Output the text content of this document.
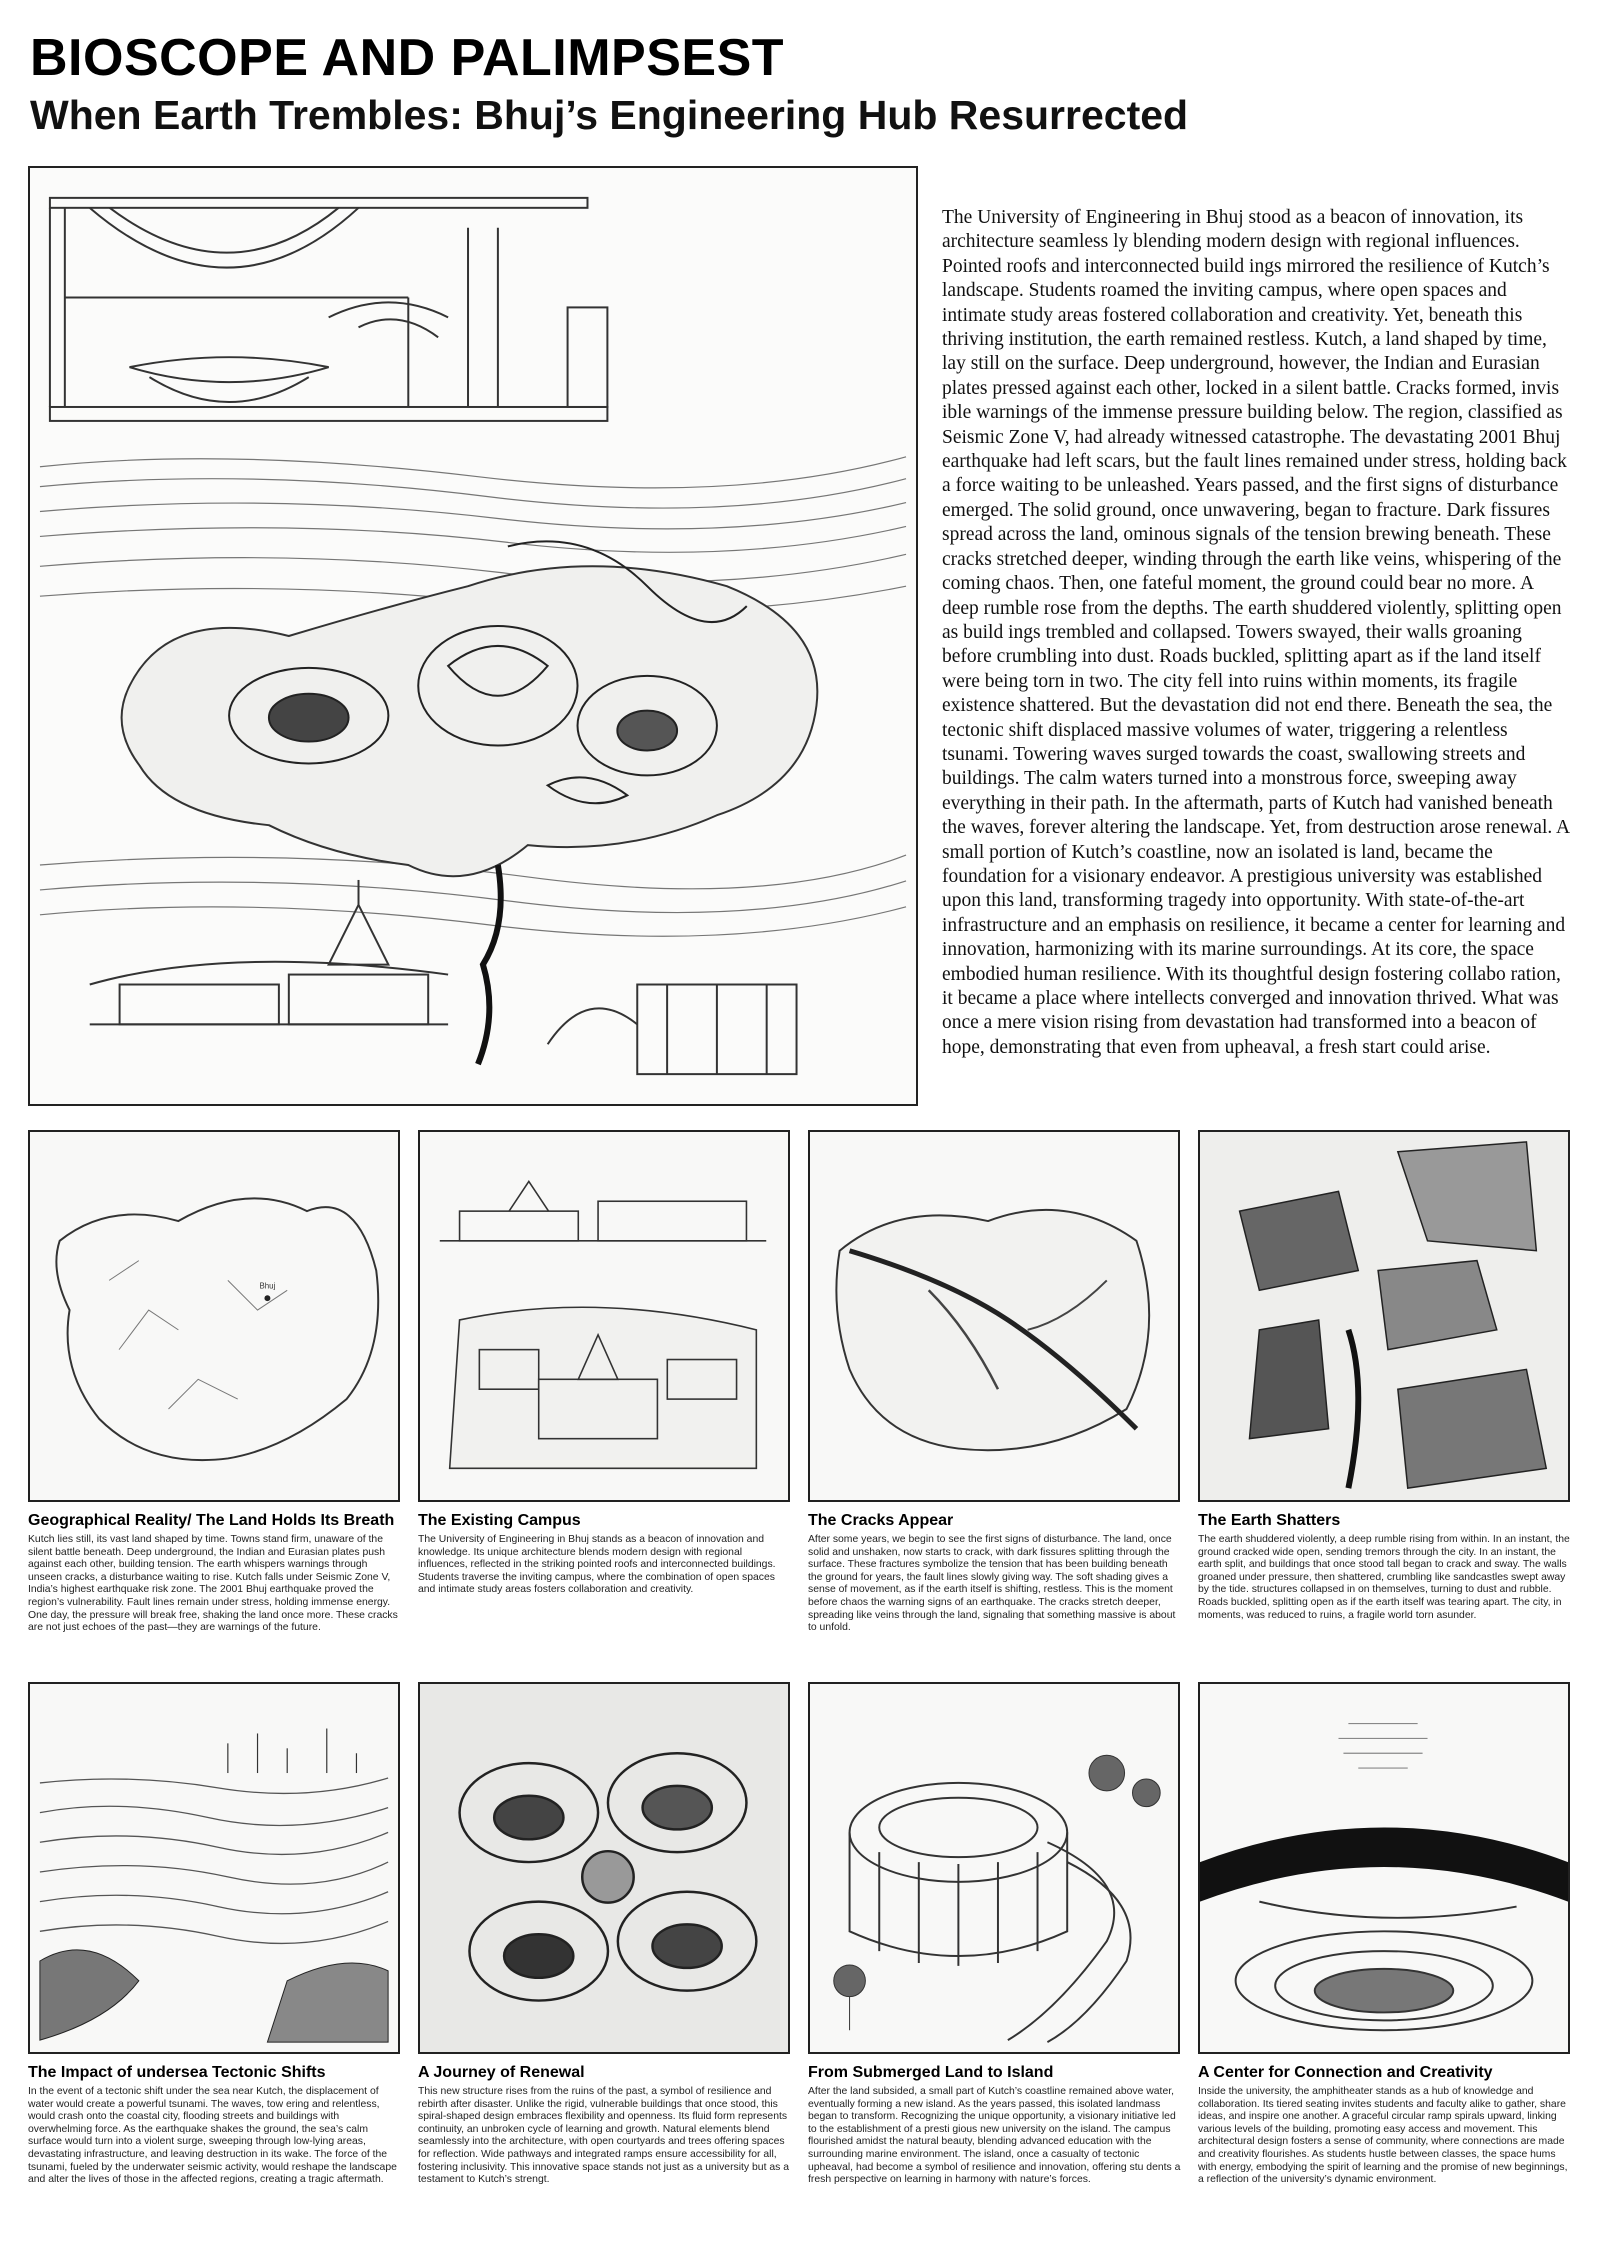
BIOSCOPE AND PALIMPSEST
When Earth Trembles: Bhuj’s Engineering Hub Resurrected

The University of Engineering in Bhuj stood as a beacon of innovation, its architecture seamless ly blending modern design with regional influences. Pointed roofs and interconnected build ings mirrored the resilience of Kutch’s landscape. Students roamed the inviting campus, where open spaces and intimate study areas fostered collaboration and creativity. Yet, beneath this thriving institution, the earth remained restless. Kutch, a land shaped by time, lay still on the surface. Deep underground, however, the Indian and Eurasian plates pressed against each other, locked in a silent battle. Cracks formed, invis ible warnings of the immense pressure building below. The region, classified as Seismic Zone V, had already witnessed catastrophe. The devastating 2001 Bhuj earthquake had left scars, but the fault lines remained under stress, holding back a force waiting to be unleashed. Years passed, and the first signs of disturbance emerged. The solid ground, once unwavering, began to fracture. Dark fissures spread across the land, ominous signals of the tension brewing beneath. These cracks stretched deeper, winding through the earth like veins, whispering of the coming chaos. Then, one fateful moment, the ground could bear no more. A deep rumble rose from the depths. The earth shuddered violently, splitting open as build ings trembled and collapsed. Towers swayed, their walls groaning before crumbling into dust. Roads buckled, splitting apart as if the land itself were being torn in two. The city fell into ruins within moments, its fragile existence shattered. But the devastation did not end there. Beneath the sea, the tectonic shift displaced massive volumes of water, triggering a relentless tsunami. Towering waves surged towards the coast, swallowing streets and buildings. The calm waters turned into a monstrous force, sweeping away everything in their path. In the aftermath, parts of Kutch had vanished beneath the waves, forever altering the landscape. Yet, from destruction arose renewal. A small portion of Kutch’s coastline, now an isolated is land, became the foundation for a visionary endeavor. A prestigious university was established upon this land, transforming tragedy into opportunity. With state-of-the-art infrastructure and an emphasis on resilience, it became a center for learning and innovation, harmonizing with its marine surroundings. At its core, the space embodied human resilience. With its thoughtful design fostering collabo ration, it became a place where intellects converged and innovation thrived. What was once a mere vision rising from devastation had transformed into a beacon of hope, demonstrating that even from upheaval, a fresh start could arise.

Bhuj
Geographical Reality/ The Land Holds Its Breath

Kutch lies still, its vast land shaped by time. Towns stand firm, unaware of the silent battle beneath. Deep underground, the Indian and Eurasian plates push against each other, building tension. The earth whispers warnings through unseen cracks, a disturbance waiting to rise. Kutch falls under Seismic Zone V, India’s highest earthquake risk zone. The 2001 Bhuj earthquake proved the region’s vulnerability. Fault lines remain under stress, holding immense energy. One day, the pressure will break free, shaking the land once more. These cracks are not just echoes of the past—they are warnings of the future.

The Existing Campus

The University of Engineering in Bhuj stands as a beacon of innovation and knowledge. Its unique architecture blends modern design with regional influences, reflected in the striking pointed roofs and interconnected buildings. Students traverse the inviting campus, where the combination of open spaces and intimate study areas fosters collaboration and creativity.

The Cracks Appear

After some years, we begin to see the first signs of disturbance. The land, once solid and unshaken, now starts to crack, with dark fissures splitting through the surface. These fractures symbolize the tension that has been building beneath the ground for years, the fault lines slowly giving way. The soft shading gives a sense of movement, as if the earth itself is shifting, restless. This is the moment before chaos the warning signs of an earthquake. The cracks stretch deeper, spreading like veins through the land, signaling that something massive is about to unfold.

The Earth Shatters

The earth shuddered violently, a deep rumble rising from within. In an instant, the ground cracked wide open, sending tremors through the city. In an instant, the earth split, and buildings that once stood tall began to crack and sway. The walls groaned under pressure, then shattered, crumbling like sandcastles swept away by the tide. structures collapsed in on themselves, turning to dust and rubble. Roads buckled, splitting open as if the earth itself was tearing apart. The city, in moments, was reduced to ruins, a fragile world torn asunder.

The Impact of undersea Tectonic Shifts

In the event of a tectonic shift under the sea near Kutch, the displacement of water would create a powerful tsunami. The waves, tow ering and relentless, would crash onto the coastal city, flooding streets and buildings with overwhelming force. As the earthquake shakes the ground, the sea’s calm surface would turn into a violent surge, sweeping through low-lying areas, devastating infrastructure, and leaving destruction in its wake. The force of the tsunami, fueled by the underwater seismic activity, would reshape the landscape and alter the lives of those in the affected regions, creating a tragic aftermath.

A Journey of Renewal

This new structure rises from the ruins of the past, a symbol of resilience and rebirth after disaster. Unlike the rigid, vulnerable buildings that once stood, this spiral-shaped design embraces flexibility and openness. Its fluid form represents continuity, an unbroken cycle of learning and growth. Natural elements blend seamlessly into the architecture, with open courtyards and trees offering spaces for reflection. Wide pathways and integrated ramps ensure accessibility for all, fostering inclusivity. This innovative space stands not just as a university but as a testament to Kutch’s strengt.

From Submerged Land to Island

After the land subsided, a small part of Kutch’s coastline remained above water, eventually forming a new island. As the years passed, this isolated landmass began to transform. Recognizing the unique opportunity, a visionary initiative led to the establishment of a presti gious new university on the island. The campus flourished amidst the natural beauty, blending advanced education with the surrounding marine environment. The island, once a casualty of tectonic upheaval, had become a symbol of resilience and innovation, offering stu dents a fresh perspective on learning in harmony with nature’s forces.

A Center for Connection and Creativity

Inside the university, the amphitheater stands as a hub of knowledge and collaboration. Its tiered seating invites students and faculty alike to gather, share ideas, and inspire one another. A graceful circular ramp spirals upward, linking various levels of the building, promoting easy access and movement. This architectural design fosters a sense of community, where connections are made and creativity flourishes. As students hustle between classes, the space hums with energy, embodying the spirit of learning and the promise of new beginnings, a reflection of the university’s dynamic environment.
